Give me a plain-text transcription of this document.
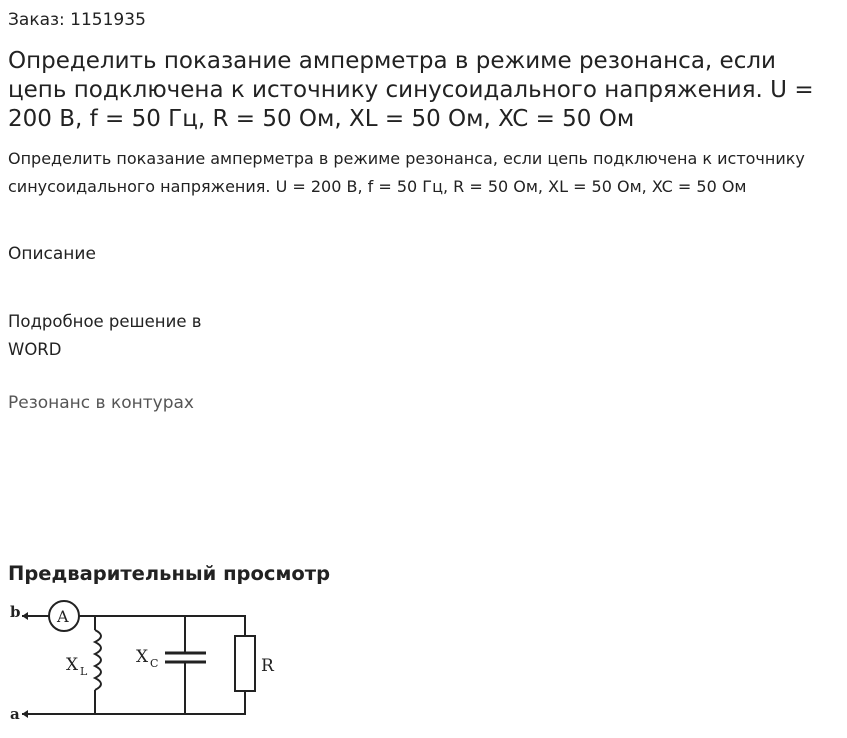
Заказ: 1151935
Определить показание амперметра в режиме резонанса, если цепь подключена к источнику синусоидального напряжения. U = 200 В, f = 50 Гц, R = 50 Ом, XL = 50 Ом, XC = 50 Ом
Определить показание амперметра в режиме резонанса, если цепь подключена к источнику синусоидального напряжения. U = 200 В, f = 50 Гц, R = 50 Ом, XL = 50 Ом, XC = 50 Ом
Описание
Подробное решение в WORD
Резонанс в контурах
Предварительный просмотр
b
a
A
X L
X C	R
